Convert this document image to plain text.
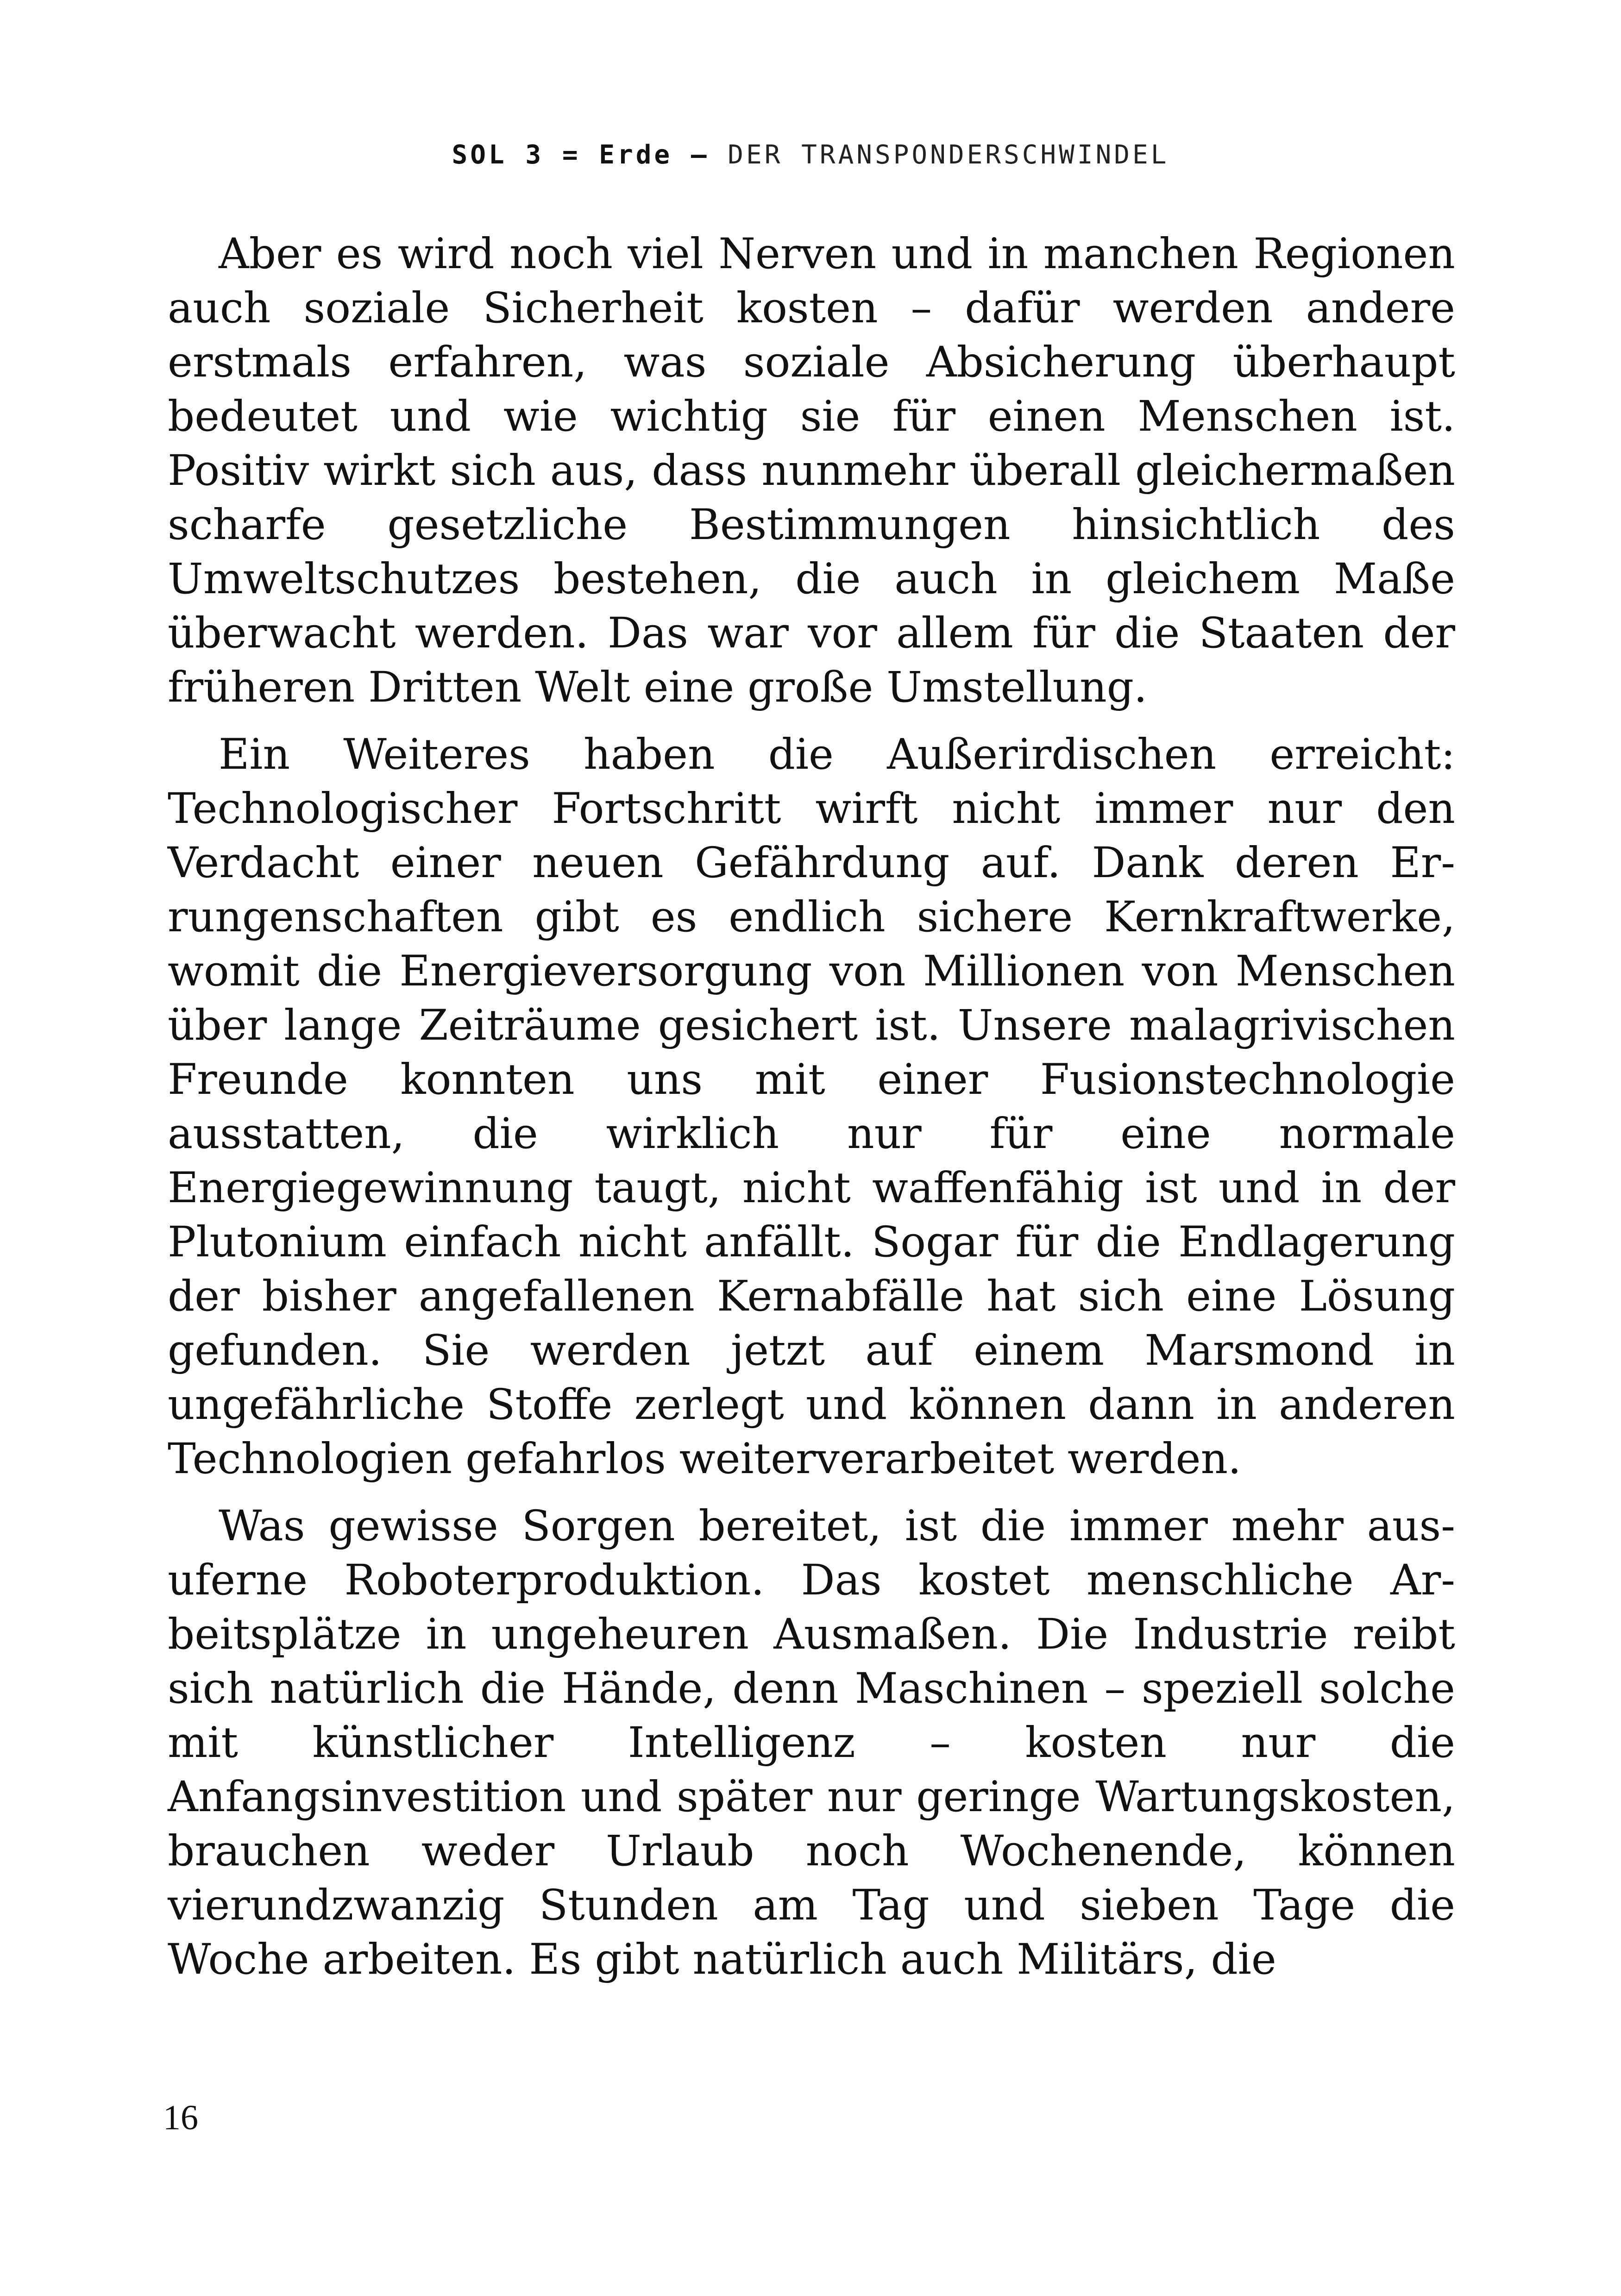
SOL 3 = Erde – DER TRANSPONDERSCHWINDEL

Aber es wird noch viel Nerven und in manchen Regionen auch soziale Sicherheit kosten – dafür werden andere erstmals erfahren, was soziale Absicherung überhaupt bedeutet und wie wichtig sie für einen Menschen ist. Positiv wirkt sich aus, dass nunmehr überall gleichermaßen scharfe gesetzliche Bestimmungen hinsichtlich des Umweltschutzes bestehen, die auch in gleichem Maße überwacht werden. Das war vor allem für die Staaten der früheren Dritten Welt eine große Umstellung.

Ein Weiteres haben die Außerirdischen erreicht: Technologischer Fortschritt wirft nicht immer nur den Verdacht einer neuen Gefährdung auf. Dank deren Errungenschaften gibt es endlich sichere Kernkraftwerke, womit die Energieversorgung von Millionen von Menschen über lange Zeiträume gesichert ist. Unsere malagrivischen Freunde konnten uns mit einer Fusionstechnologie ausstatten, die wirklich nur für eine normale Energiegewinnung taugt, nicht waffenfähig ist und in der Plutonium einfach nicht anfällt. Sogar für die Endlagerung der bisher angefallenen Kernabfälle hat sich eine Lösung gefunden. Sie werden jetzt auf einem Marsmond in ungefährliche Stoffe zerlegt und können dann in anderen Technologien gefahrlos weiterverarbeitet werden.

Was gewisse Sorgen bereitet, ist die immer mehr ausuferne Roboterproduktion. Das kostet menschliche Arbeitsplätze in ungeheuren Ausmaßen. Die Industrie reibt sich natürlich die Hände, denn Maschinen – speziell solche mit künstlicher Intelligenz – kosten nur die Anfangsinvestition und später nur geringe Wartungskosten, brauchen weder Urlaub noch Wochenende, können vierundzwanzig Stunden am Tag und sieben Tage die Woche arbeiten. Es gibt natürlich auch Militärs, die

16
